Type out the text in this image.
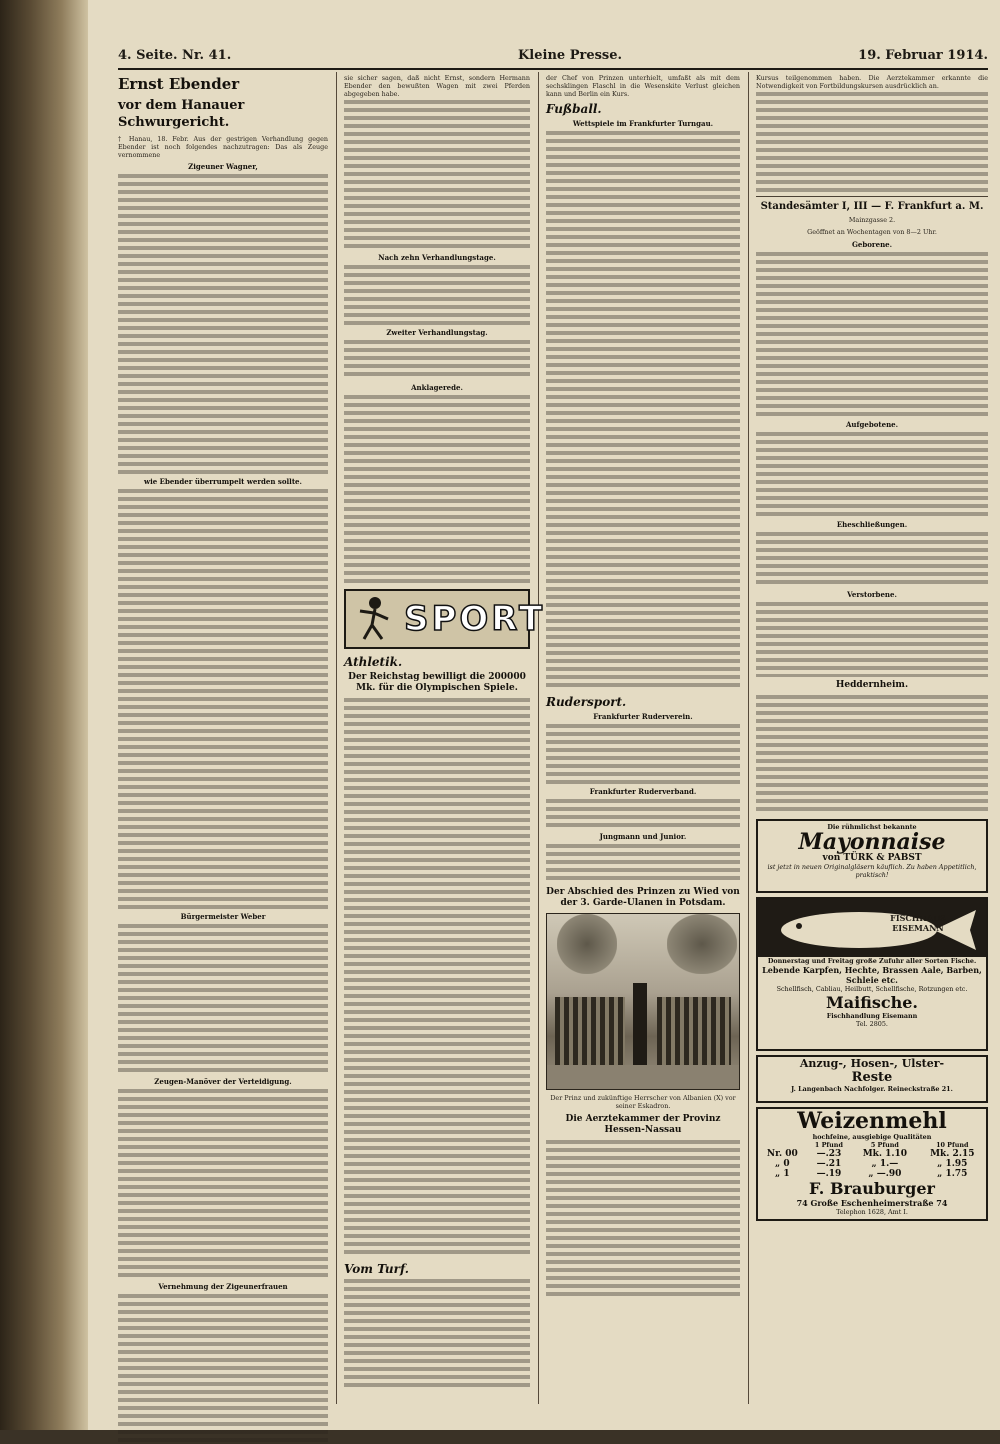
4. Seite. Nr. 41.	Kleine Presse.	19. Februar 1914.
Ernst Ebender
vor dem Hanauer Schwurgericht.

† Hanau, 18. Febr. Aus der gestrigen Verhandlung gegen Ebender ist noch folgendes nachzutragen: Das als Zeuge vernommene

Zigeuner Wagner,
wie Ebender überrumpelt werden sollte.
Bürgermeister Weber
Zeugen-Manöver der Verteidigung.
Vernehmung der Zigeunerfrauen

sie sicher sagen, daß nicht Ernst, sondern Hermann Ebender den bewußten Wagen mit zwei Pferden abgegeben habe.

Nach zehn Verhandlungstage.
Zweiter Verhandlungstag.
Anklagerede.
SPORT
Athletik.
Der Reichstag bewilligt die 200000 Mk. für die Olympischen Spiele.
Vom Turf.

der Chef von Prinzen unterhielt, umfaßt als mit dem sechsklingen Flaschl in die Wesenskite Verlust gleichen kann und Berlin ein Kurs.

Fußball.
Wettspiele im Frankfurter Turngau.
Rudersport.
Frankfurter Ruderverein.
Frankfurter Ruderverband.
Jungmann und Junior.
Der Abschied des Prinzen zu Wied von der 3. Garde-Ulanen in Potsdam.
Der Prinz und zukünftige Herrscher von Albanien (X) vor seiner Eskadron.
Die Aerztekammer der Provinz Hessen-Nassau

Kursus teilgenommen haben. Die Aerztekammer erkannte die Notwendigkeit von Fortbildungskursen ausdrücklich an.

Standesämter I, III — F. Frankfurt a. M.
Mainzgasse 2.
Geöffnet an Wochentagen von 8—2 Uhr.
Geborene.
Aufgebotene.
Eheschließungen.
Verstorbene.
Heddernheim.
Die rühmlichst bekannte
Mayonnaise
von TÜRK & PABST
ist jetzt in neuen Originalgläsern käuflich. Zu haben Appetitlich, praktisch!
FISCHHAUS EISEMANN
Donnerstag und Freitag große Zufuhr aller Sorten Fische.
Lebende Karpfen, Hechte, Brassen Aale, Barben, Schleie etc.
Schellfisch, Cabliau, Heilbutt, Schellfische, Rotzungen etc.
Maifische.
Fischhandlung Eisemann
Tel. 2805.
Anzug-, Hosen-, Ulster-
Reste
J. Langenbach Nachfolger. Reineckstraße 21.
Weizenmehl
hochfeine, ausgiebige Qualitäten
	1 Pfund	5 Pfund	10 Pfund
Nr. 00	—.23	Mk. 1.10	Mk. 2.15
„ 0	—.21	„ 1.—	„ 1.95
„ 1	—.19	„ —.90	„ 1.75
F. Brauburger
74 Große Eschenheimerstraße 74
Telephon 1628, Amt I.
